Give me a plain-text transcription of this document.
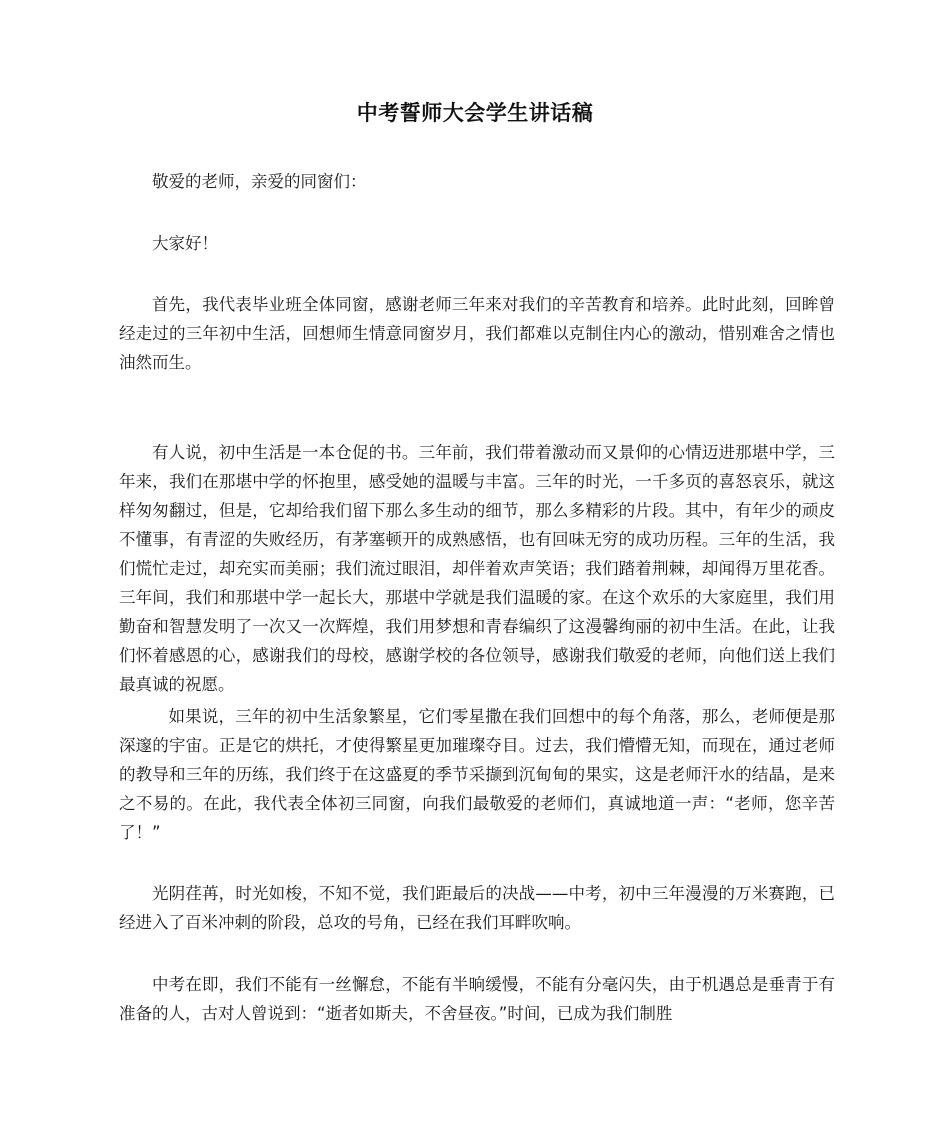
中考誓师大会学生讲话稿

敬爱的老师，亲爱的同窗们：

大家好！

首先，我代表毕业班全体同窗，感谢老师三年来对我们的辛苦教育和培养。此时此刻，回眸曾经走过的三年初中生活，回想师生情意同窗岁月，我们都难以克制住内心的激动，惜别难舍之情也油然而生。

有人说，初中生活是一本仓促的书。三年前，我们带着激动而又景仰的心情迈进那堪中学，三年来，我们在那堪中学的怀抱里，感受她的温暖与丰富。三年的时光，一千多页的喜怒哀乐，就这样匆匆翻过，但是，它却给我们留下那么多生动的细节，那么多精彩的片段。其中，有年少的顽皮不懂事，有青涩的失败经历，有茅塞顿开的成熟感悟，也有回味无穷的成功历程。三年的生活，我们慌忙走过，却充实而美丽；我们流过眼泪，却伴着欢声笑语；我们踏着荆棘，却闻得万里花香。三年间，我们和那堪中学一起长大，那堪中学就是我们温暖的家。在这个欢乐的大家庭里，我们用勤奋和智慧发明了一次又一次辉煌，我们用梦想和青春编织了这漫馨绚丽的初中生活。在此，让我们怀着感恩的心，感谢我们的母校，感谢学校的各位领导，感谢我们敬爱的老师，向他们送上我们最真诚的祝愿。

如果说，三年的初中生活象繁星，它们零星撒在我们回想中的每个角落，那么，老师便是那深邃的宇宙。正是它的烘托，才使得繁星更加璀璨夺目。过去，我们懵懵无知，而现在，通过老师的教导和三年的历练，我们终于在这盛夏的季节采撷到沉甸甸的果实，这是老师汗水的结晶，是来之不易的。在此，我代表全体初三同窗，向我们最敬爱的老师们，真诚地道一声：“老师，您辛苦了！”

光阴荏苒，时光如梭，不知不觉，我们距最后的决战——中考，初中三年漫漫的万米赛跑，已经进入了百米冲刺的阶段，总攻的号角，已经在我们耳畔吹响。

中考在即，我们不能有一丝懈怠，不能有半晌缓慢，不能有分毫闪失，由于机遇总是垂青于有准备的人，古对人曾说到：“逝者如斯夫，不舍昼夜。”时间，已成为我们制胜
